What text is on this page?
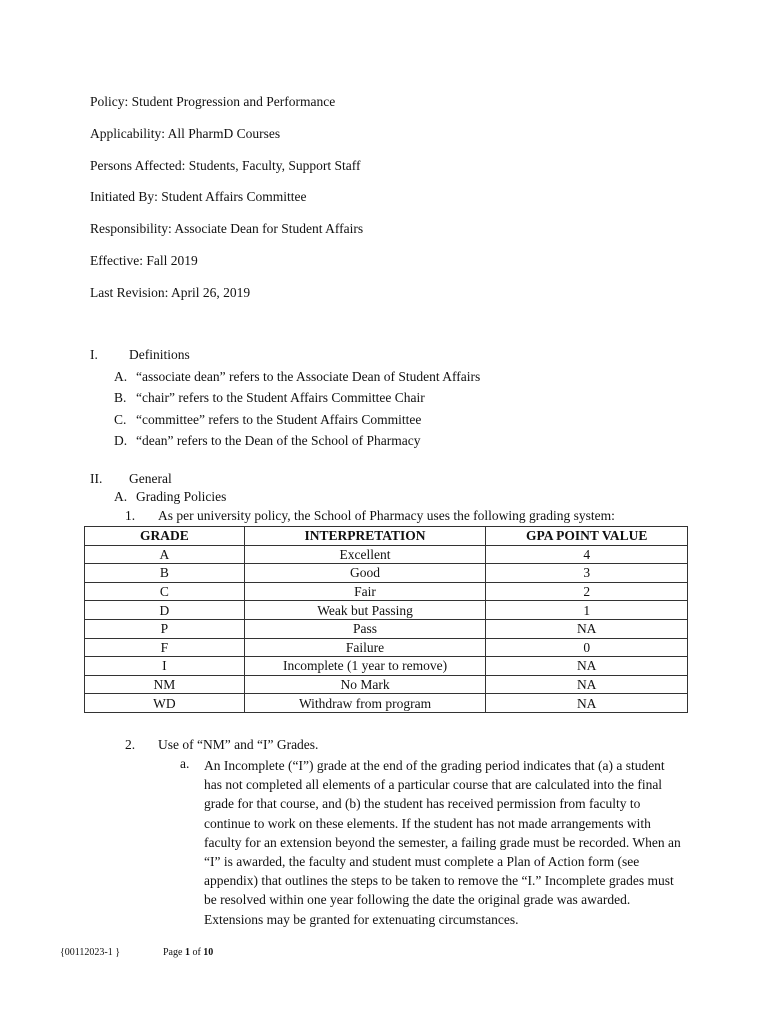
Policy: Student Progression and Performance
Applicability: All PharmD Courses
Persons Affected: Students, Faculty, Support Staff
Initiated By: Student Affairs Committee
Responsibility: Associate Dean for Student Affairs
Effective: Fall 2019
Last Revision: April 26, 2019
I. Definitions
A. “associate dean” refers to the Associate Dean of Student Affairs
B. “chair” refers to the Student Affairs Committee Chair
C. “committee” refers to the Student Affairs Committee
D. “dean” refers to the Dean of the School of Pharmacy
II. General
A. Grading Policies
1. As per university policy, the School of Pharmacy uses the following grading system:
GRADE	INTERPRETATION	GPA POINT VALUE
A	Excellent	4
B	Good	3
C	Fair	2
D	Weak but Passing	1
P	Pass	NA
F	Failure	0
I	Incomplete (1 year to remove)	NA
NM	No Mark	NA
WD	Withdraw from program	NA
2. Use of “NM” and “I” Grades.
a. An Incomplete (“I”) grade at the end of the grading period indicates that (a) a student has not completed all elements of a particular course that are calculated into the final grade for that course, and (b) the student has received permission from faculty to continue to work on these elements. If the student has not made arrangements with faculty for an extension beyond the semester, a failing grade must be recorded. When an “I” is awarded, the faculty and student must complete a Plan of Action form (see appendix) that outlines the steps to be taken to remove the “I.” Incomplete grades must be resolved within one year following the date the original grade was awarded. Extensions may be granted for extenuating circumstances.

{00112023-1 }	Page 1 of 10
